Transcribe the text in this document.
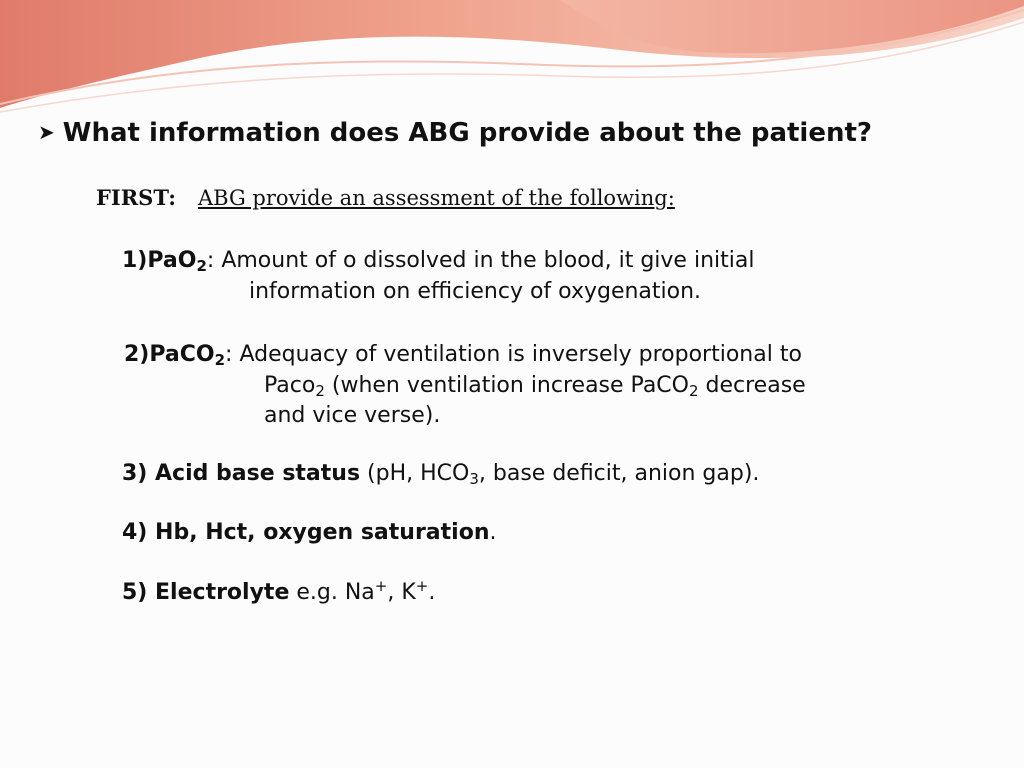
➤ What information does ABG provide about the patient?
FIRST: ABG provide an assessment of the following:
1)PaO$_2$: Amount of o dissolved in the blood, it give initial
information on efficiency of oxygenation.
2)PaCO$_2$: Adequacy of ventilation is inversely proportional to
Paco$_2$ (when ventilation increase PaCO$_2$ decrease
and vice verse).
3) Acid base status (pH, $HCO_3$, base deficit, anion gap).
4) Hb, Hct, oxygen saturation.
5) Electrolyte e.g. Na+, K+.
